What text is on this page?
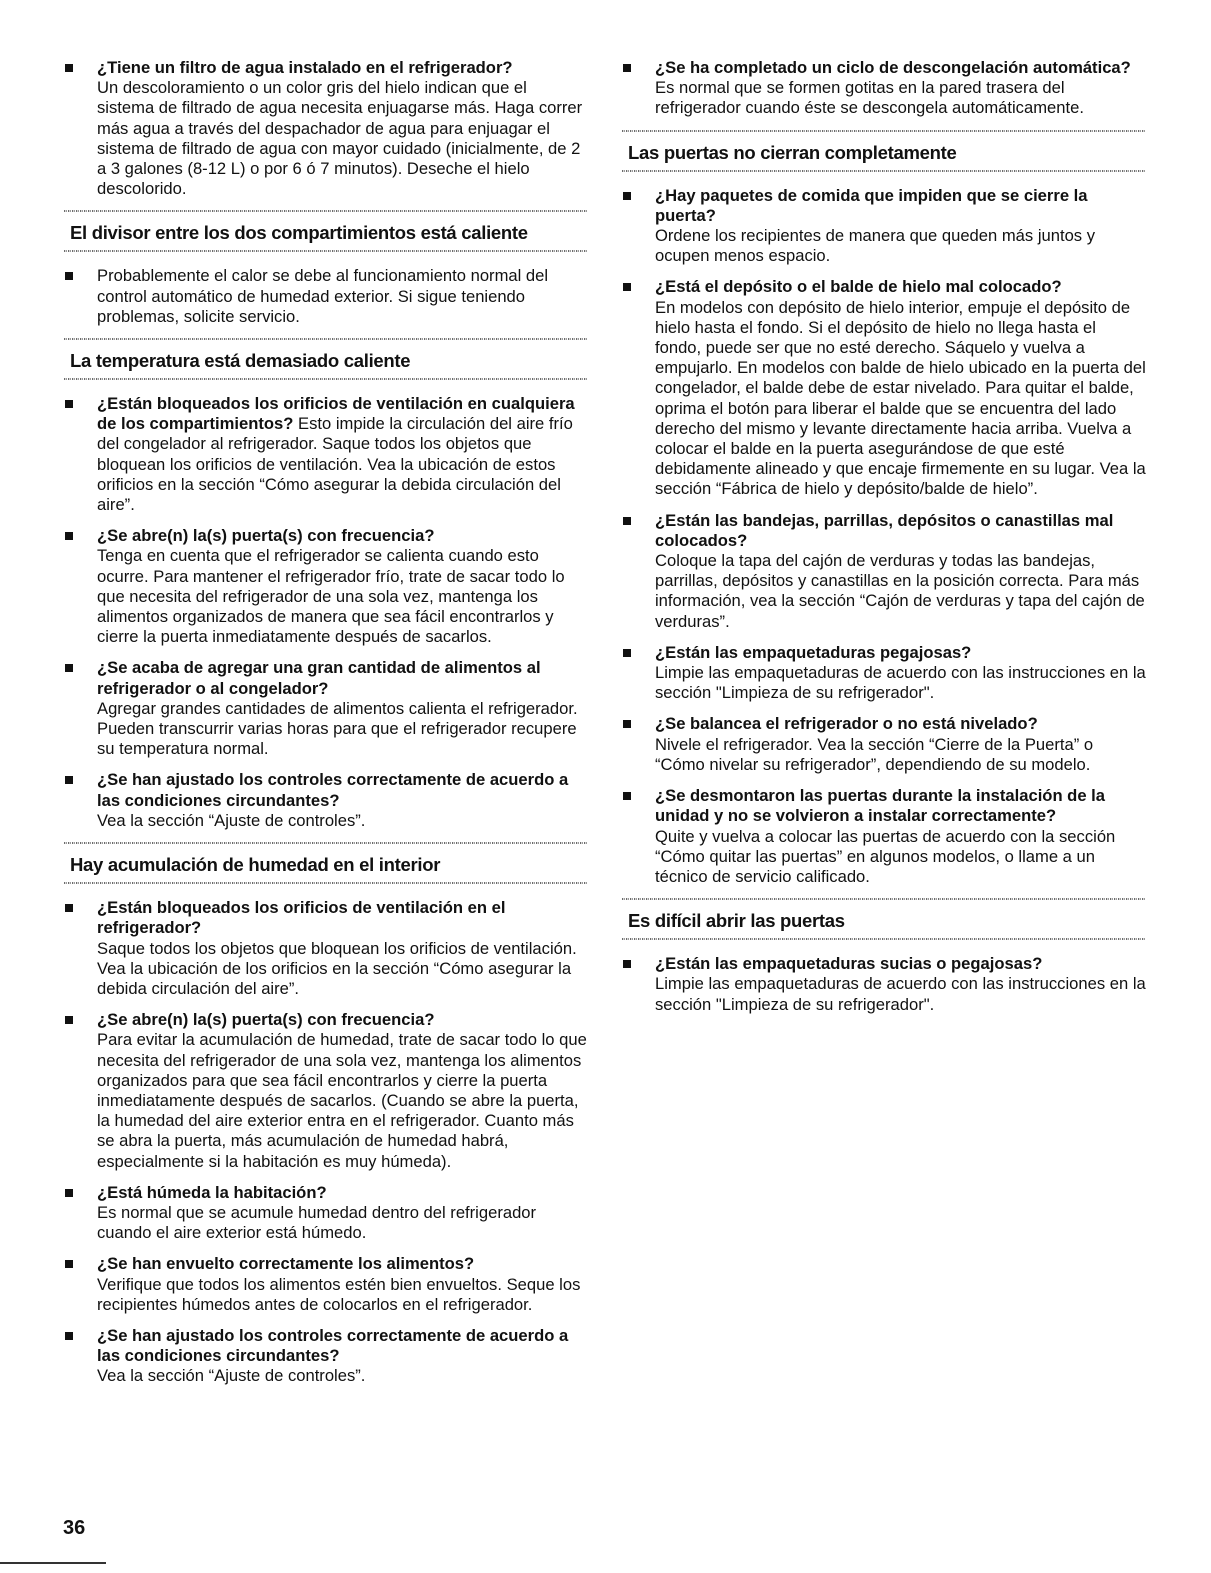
¿Tiene un filtro de agua instalado en el refrigerador?
Un descoloramiento o un color gris del hielo indican que el sistema de filtrado de agua necesita enjuagarse más. Haga correr más agua a través del despachador de agua para enjuagar el sistema de filtrado de agua con mayor cuidado (inicialmente, de 2 a 3 galones (8-12 L) o por 6 ó 7 minutos). Deseche el hielo descolorido.
El divisor entre los dos compartimientos está caliente
Probablemente el calor se debe al funcionamiento normal del control automático de humedad exterior. Si sigue teniendo problemas, solicite servicio.
La temperatura está demasiado caliente
¿Están bloqueados los orificios de ventilación en cualquiera de los compartimientos? Esto impide la circulación del aire frío del congelador al refrigerador. Saque todos los objetos que bloquean los orificios de ventilación. Vea la ubicación de estos orificios en la sección “Cómo asegurar la debida circulación del aire”.
¿Se abre(n) la(s) puerta(s) con frecuencia?
Tenga en cuenta que el refrigerador se calienta cuando esto ocurre. Para mantener el refrigerador frío, trate de sacar todo lo que necesita del refrigerador de una sola vez, mantenga los alimentos organizados de manera que sea fácil encontrarlos y cierre la puerta inmediatamente después de sacarlos.
¿Se acaba de agregar una gran cantidad de alimentos al refrigerador o al congelador?
Agregar grandes cantidades de alimentos calienta el refrigerador. Pueden transcurrir varias horas para que el refrigerador recupere su temperatura normal.
¿Se han ajustado los controles correctamente de acuerdo a las condiciones circundantes?
Vea la sección “Ajuste de controles”.
Hay acumulación de humedad en el interior
¿Están bloqueados los orificios de ventilación en el refrigerador?
Saque todos los objetos que bloquean los orificios de ventilación. Vea la ubicación de los orificios en la sección “Cómo asegurar la debida circulación del aire”.
¿Se abre(n) la(s) puerta(s) con frecuencia?
Para evitar la acumulación de humedad, trate de sacar todo lo que necesita del refrigerador de una sola vez, mantenga los alimentos organizados para que sea fácil encontrarlos y cierre la puerta inmediatamente después de sacarlos. (Cuando se abre la puerta, la humedad del aire exterior entra en el refrigerador. Cuanto más se abra la puerta, más acumulación de humedad habrá, especialmente si la habitación es muy húmeda).
¿Está húmeda la habitación?
Es normal que se acumule humedad dentro del refrigerador cuando el aire exterior está húmedo.
¿Se han envuelto correctamente los alimentos?
Verifique que todos los alimentos estén bien envueltos. Seque los recipientes húmedos antes de colocarlos en el refrigerador.
¿Se han ajustado los controles correctamente de acuerdo a las condiciones circundantes?
Vea la sección “Ajuste de controles”.
¿Se ha completado un ciclo de descongelación automática?
Es normal que se formen gotitas en la pared trasera del refrigerador cuando éste se descongela automáticamente.
Las puertas no cierran completamente
¿Hay paquetes de comida que impiden que se cierre la puerta?
Ordene los recipientes de manera que queden más juntos y ocupen menos espacio.
¿Está el depósito o el balde de hielo mal colocado?
En modelos con depósito de hielo interior, empuje el depósito de hielo hasta el fondo. Si el depósito de hielo no llega hasta el fondo, puede ser que no esté derecho. Sáquelo y vuelva a empujarlo. En modelos con balde de hielo ubicado en la puerta del congelador, el balde debe de estar nivelado. Para quitar el balde, oprima el botón para liberar el balde que se encuentra del lado derecho del mismo y levante directamente hacia arriba. Vuelva a colocar el balde en la puerta asegurándose de que esté debidamente alineado y que encaje firmemente en su lugar. Vea la sección “Fábrica de hielo y depósito/balde de hielo”.
¿Están las bandejas, parrillas, depósitos o canastillas mal colocados?
Coloque la tapa del cajón de verduras y todas las bandejas, parrillas, depósitos y canastillas en la posición correcta. Para más información, vea la sección “Cajón de verduras y tapa del cajón de verduras”.
¿Están las empaquetaduras pegajosas?
Limpie las empaquetaduras de acuerdo con las instrucciones en la sección "Limpieza de su refrigerador".
¿Se balancea el refrigerador o no está nivelado?
Nivele el refrigerador. Vea la sección “Cierre de la Puerta” o “Cómo nivelar su refrigerador”, dependiendo de su modelo.
¿Se desmontaron las puertas durante la instalación de la unidad y no se volvieron a instalar correctamente?
Quite y vuelva a colocar las puertas de acuerdo con la sección “Cómo quitar las puertas” en algunos modelos, o llame a un técnico de servicio calificado.
Es difícil abrir las puertas
¿Están las empaquetaduras sucias o pegajosas?
Limpie las empaquetaduras de acuerdo con las instrucciones en la sección "Limpieza de su refrigerador".
36
